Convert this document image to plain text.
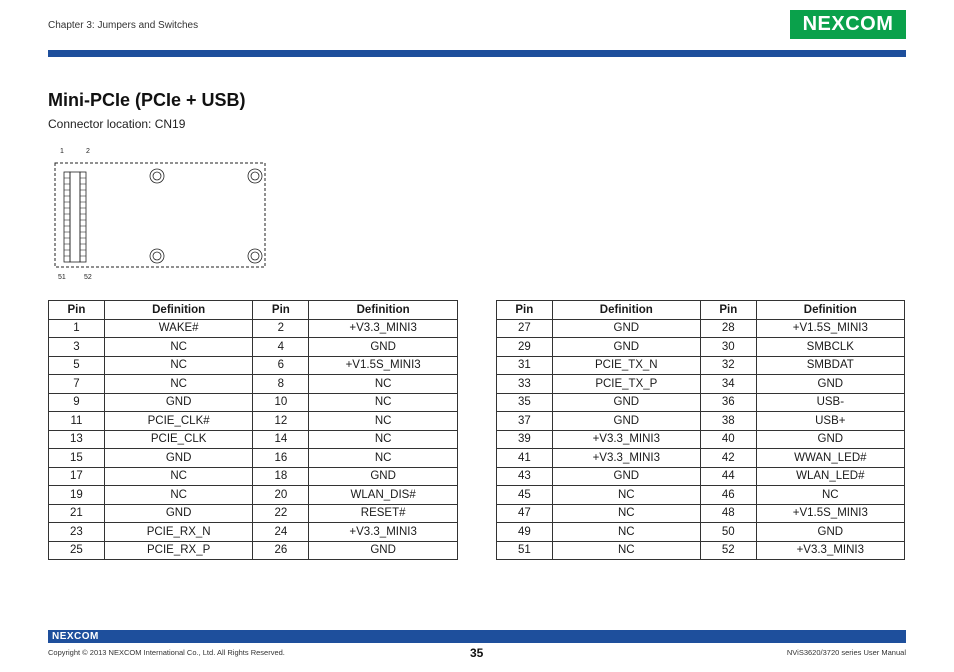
Chapter 3: Jumpers and Switches	NEXCOM
Mini-PCIe (PCIe + USB)
Connector location: CN19
1	2
51	52
Pin	Definition	Pin	Definition
1	WAKE#	2	+V3.3_MINI3
3	NC	4	GND
5	NC	6	+V1.5S_MINI3
7	NC	8	NC
9	GND	10	NC
11	PCIE_CLK#	12	NC
13	PCIE_CLK	14	NC
15	GND	16	NC
17	NC	18	GND
19	NC	20	WLAN_DIS#
21	GND	22	RESET#
23	PCIE_RX_N	24	+V3.3_MINI3
25	PCIE_RX_P	26	GND
Pin	Definition	Pin	Definition
27	GND	28	+V1.5S_MINI3
29	GND	30	SMBCLK
31	PCIE_TX_N	32	SMBDAT
33	PCIE_TX_P	34	GND
35	GND	36	USB-
37	GND	38	USB+
39	+V3.3_MINI3	40	GND
41	+V3.3_MINI3	42	WWAN_LED#
43	GND	44	WLAN_LED#
45	NC	46	NC
47	NC	48	+V1.5S_MINI3
49	NC	50	GND
51	NC	52	+V3.3_MINI3
NEXCOM
Copyright © 2013 NEXCOM International Co., Ltd. All Rights Reserved.	35	NViS3620/3720 series User Manual
